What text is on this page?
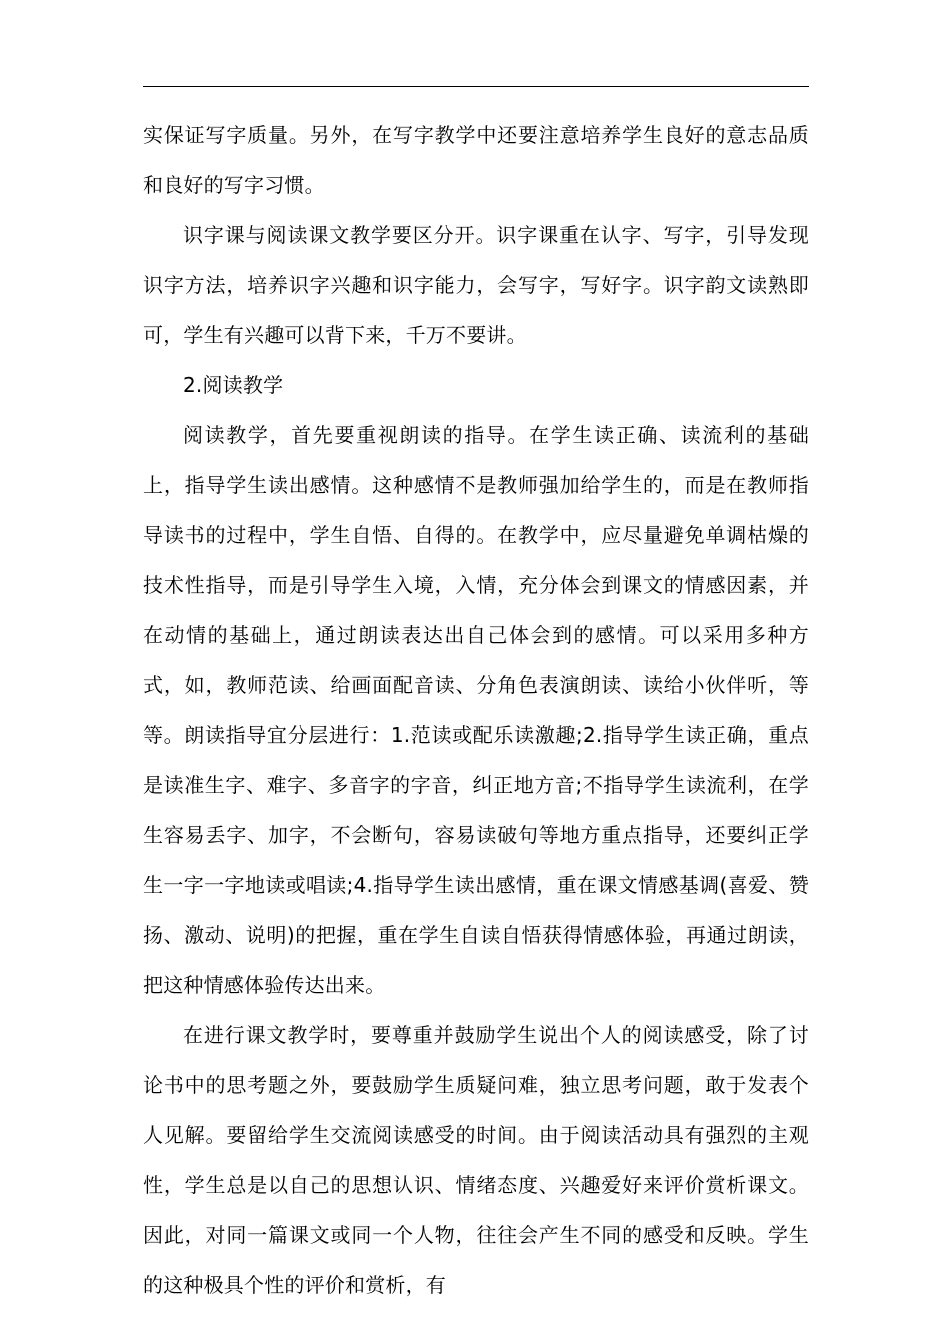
实保证写字质量。另外，在写字教学中还要注意培养学生良好的意志品质和良好的写字习惯。

识字课与阅读课文教学要区分开。识字课重在认字、写字，引导发现识字方法，培养识字兴趣和识字能力，会写字，写好字。识字韵文读熟即可，学生有兴趣可以背下来，千万不要讲。

2.阅读教学

阅读教学，首先要重视朗读的指导。在学生读正确、读流利的基础上，指导学生读出感情。这种感情不是教师强加给学生的，而是在教师指导读书的过程中，学生自悟、自得的。在教学中，应尽量避免单调枯燥的技术性指导，而是引导学生入境，入情，充分体会到课文的情感因素，并在动情的基础上，通过朗读表达出自己体会到的感情。可以采用多种方式，如，教师范读、给画面配音读、分角色表演朗读、读给小伙伴听，等等。朗读指导宜分层进行：1.范读或配乐读激趣;2.指导学生读正确，重点是读准生字、难字、多音字的字音，纠正地方音;不指导学生读流利，在学生容易丢字、加字，不会断句，容易读破句等地方重点指导，还要纠正学生一字一字地读或唱读;4.指导学生读出感情，重在课文情感基调(喜爱、赞扬、激动、说明)的把握，重在学生自读自悟获得情感体验，再通过朗读，把这种情感体验传达出来。

在进行课文教学时，要尊重并鼓励学生说出个人的阅读感受，除了讨论书中的思考题之外，要鼓励学生质疑问难，独立思考问题，敢于发表个人见解。要留给学生交流阅读感受的时间。由于阅读活动具有强烈的主观性，学生总是以自己的思想认识、情绪态度、兴趣爱好来评价赏析课文。因此，对同一篇课文或同一个人物，往往会产生不同的感受和反映。学生的这种极具个性的评价和赏析，有
